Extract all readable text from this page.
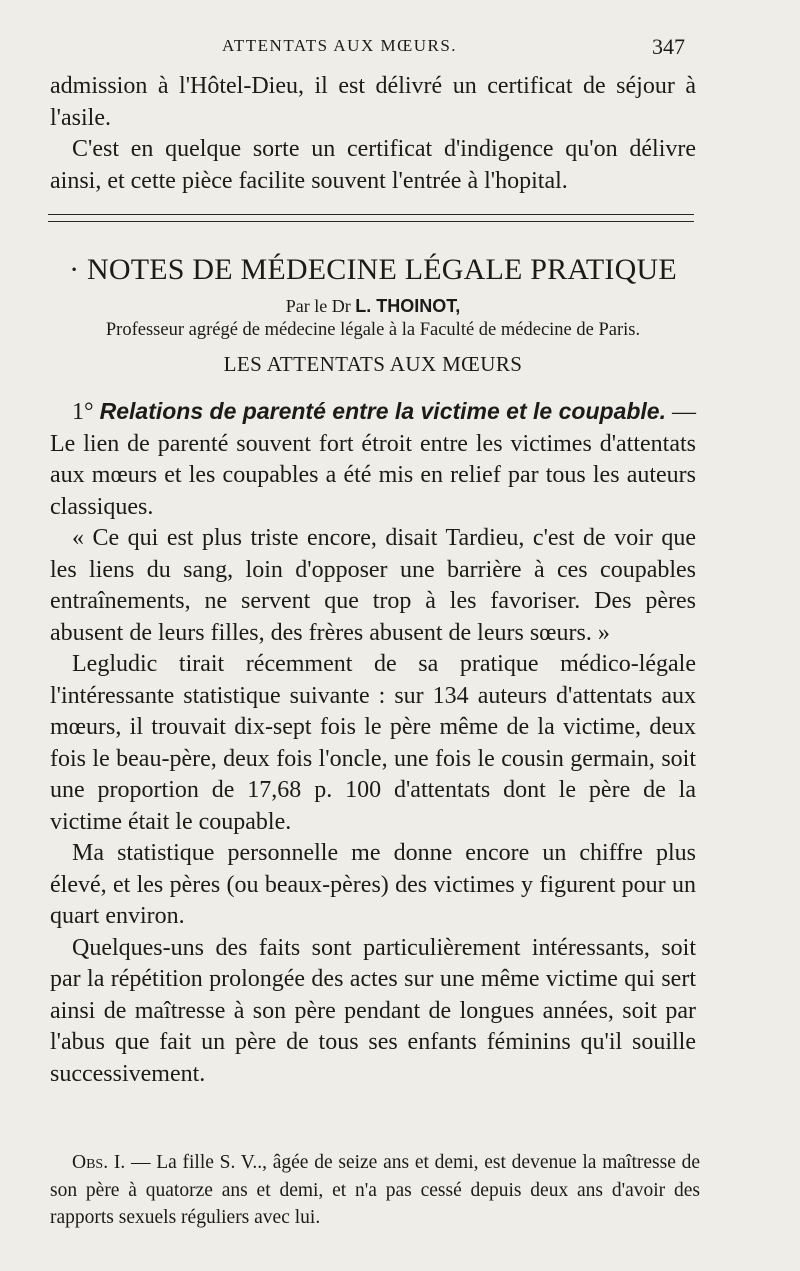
ATTENTATS AUX MŒURS.	347

admission à l'Hôtel-Dieu, il est délivré un certificat de séjour à l'asile.

C'est en quelque sorte un certificat d'indigence qu'on délivre ainsi, et cette pièce facilite souvent l'entrée à l'hopital.

· NOTES DE MÉDECINE LÉGALE PRATIQUE
Par le Dr L. THOINOT,
Professeur agrégé de médecine légale à la Faculté de médecine de Paris.
LES ATTENTATS AUX MŒURS

1° Relations de parenté entre la victime et le coupable. — Le lien de parenté souvent fort étroit entre les victimes d'attentats aux mœurs et les coupables a été mis en relief par tous les auteurs classiques.

« Ce qui est plus triste encore, disait Tardieu, c'est de voir que les liens du sang, loin d'opposer une barrière à ces coupables entraînements, ne servent que trop à les favoriser. Des pères abusent de leurs filles, des frères abusent de leurs sœurs. »

Legludic tirait récemment de sa pratique médico-légale l'intéressante statistique suivante : sur 134 auteurs d'attentats aux mœurs, il trouvait dix-sept fois le père même de la victime, deux fois le beau-père, deux fois l'oncle, une fois le cousin germain, soit une proportion de 17,68 p. 100 d'attentats dont le père de la victime était le coupable.

Ma statistique personnelle me donne encore un chiffre plus élevé, et les pères (ou beaux-pères) des victimes y figurent pour un quart environ.

Quelques-uns des faits sont particulièrement intéressants, soit par la répétition prolongée des actes sur une même victime qui sert ainsi de maîtresse à son père pendant de longues années, soit par l'abus que fait un père de tous ses enfants féminins qu'il souille successivement.

Obs. I. — La fille S. V.., âgée de seize ans et demi, est devenue la maîtresse de son père à quatorze ans et demi, et n'a pas cessé depuis deux ans d'avoir des rapports sexuels réguliers avec lui.
